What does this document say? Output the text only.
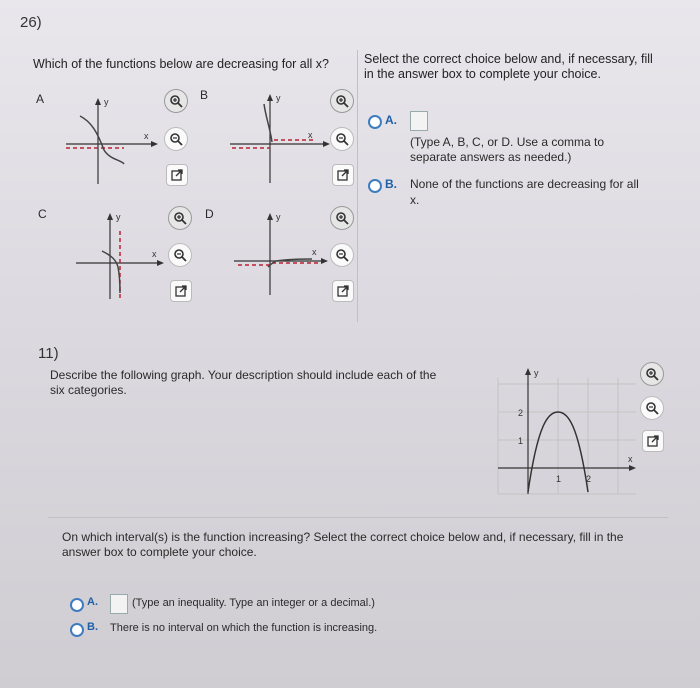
26)
Which of the functions below are decreasing for all x?	Select the correct choice below and, if necessary, fill
in the answer box to complete your choice.
A	B
C	D
y
x
y
x
y
x
y
x
A.
(Type A, B, C, or D. Use a comma to
separate answers as needed.)
B. None of the functions are decreasing for all
x.
11)
Describe the following graph. Your description should include each of the
six categories.
y
x
2
1
1	2
On which interval(s) is the function increasing? Select the correct choice below and, if necessary, fill in the
answer box to complete your choice.
A.	(Type an inequality. Type an integer or a decimal.)
B. There is no interval on which the function is increasing.
